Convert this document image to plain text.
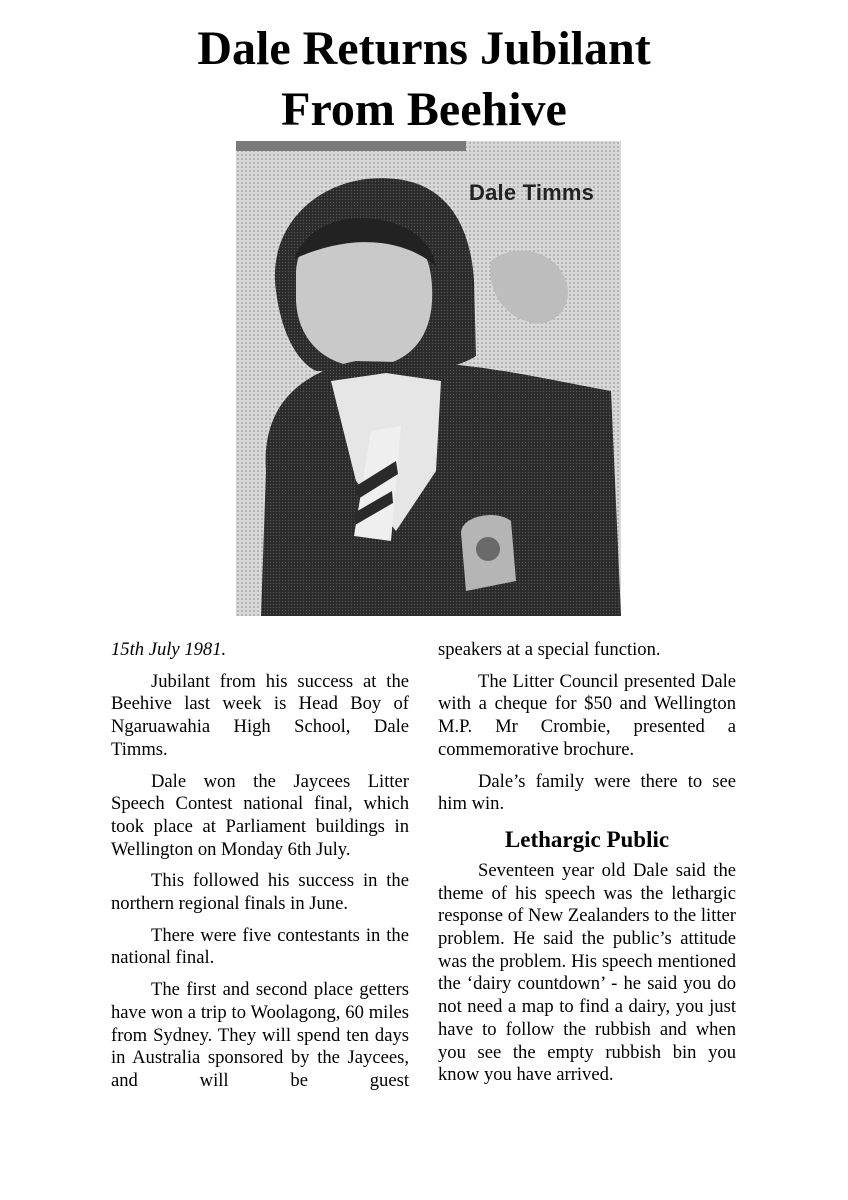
Dale Returns Jubilant
From Beehive
Dale Timms

15th July 1981.

Jubilant from his success at the Beehive last week is Head Boy of Ngaruawahia High School, Dale Timms.

Dale won the Jaycees Litter Speech Contest national final, which took place at Parliament buildings in Wellington on Monday 6th July.

This followed his success in the northern regional finals in June.

There were five contestants in the national final.

The first and second place getters have won a trip to Woolagong, 60 miles from Sydney. They will spend ten days in Australia sponsored by the Jaycees, and will be guest

speakers at a special function.

The Litter Council presented Dale with a cheque for $50 and Wellington M.P. Mr Crombie, presented a commemorative brochure.

Dale’s family were there to see him win.

Lethargic Public

Seventeen year old Dale said the theme of his speech was the lethargic response of New Zealanders to the litter problem. He said the public’s attitude was the problem. His speech mentioned the ‘dairy countdown’ - he said you do not need a map to find a dairy, you just have to follow the rubbish and when you see the empty rubbish bin you know you have arrived.
